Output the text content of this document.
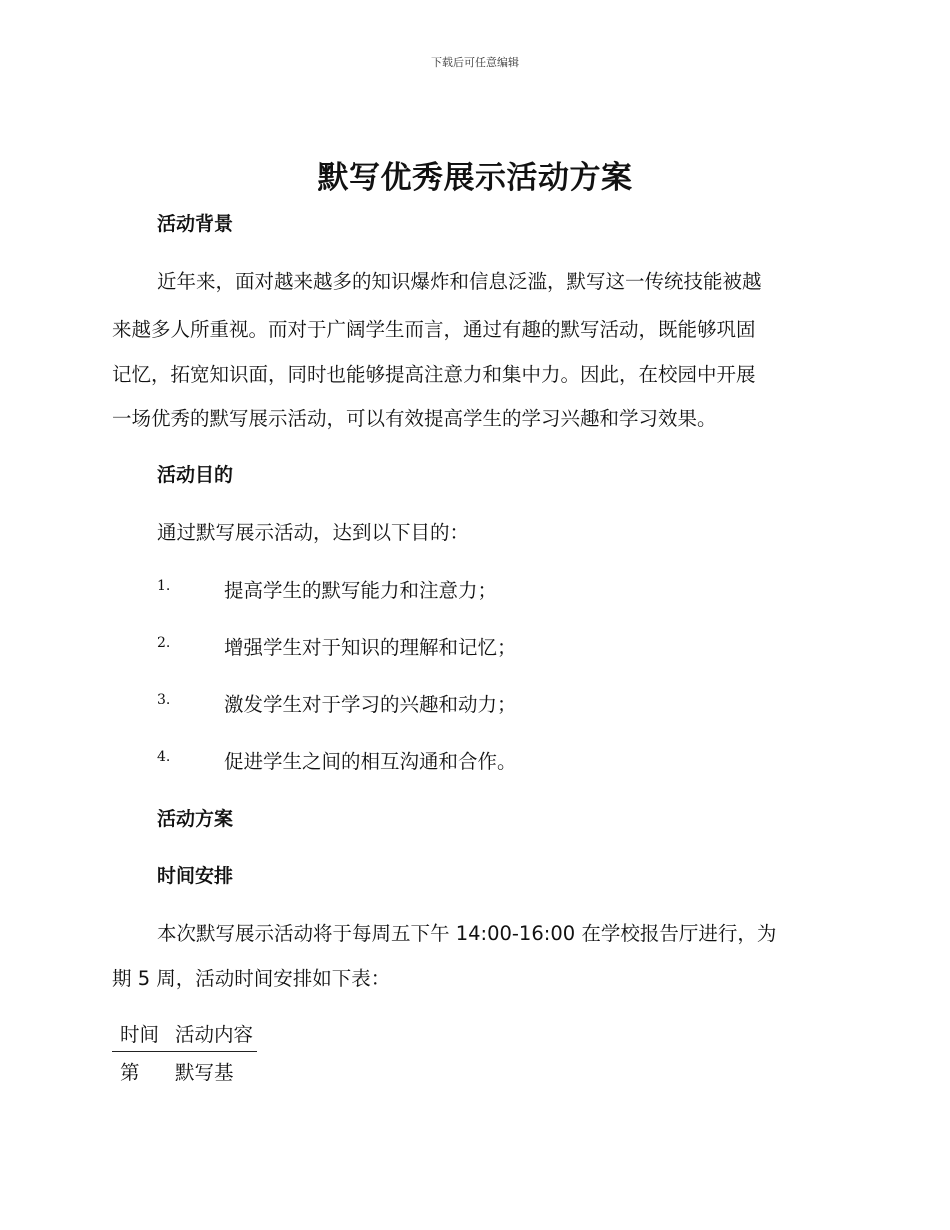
下载后可任意编辑
默写优秀展示活动方案
活动背景
近年来，面对越来越多的知识爆炸和信息泛滥，默写这一传统技能被越
来越多人所重视。而对于广阔学生而言，通过有趣的默写活动，既能够巩固
记忆，拓宽知识面，同时也能够提高注意力和集中力。因此，在校园中开展
一场优秀的默写展示活动，可以有效提高学生的学习兴趣和学习效果。
活动目的
通过默写展示活动，达到以下目的：
1.	提高学生的默写能力和注意力；
2.	增强学生对于知识的理解和记忆；
3.	激发学生对于学习的兴趣和动力；
4.	促进学生之间的相互沟通和合作。
活动方案
时间安排
本次默写展示活动将于每周五下午 14:00-16:00 在学校报告厅进行，为
期 5 周，活动时间安排如下表：
时间 活动内容
第	默写基
